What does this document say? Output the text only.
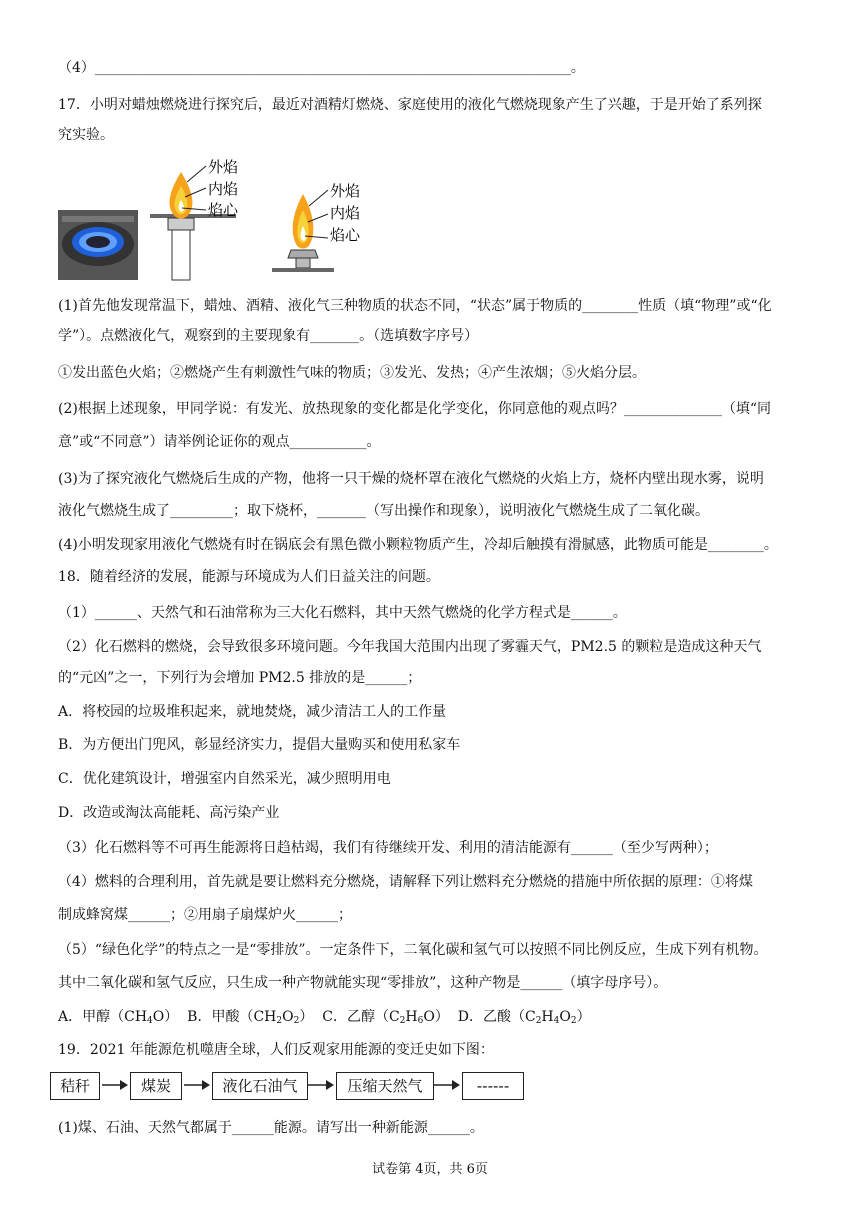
（4）____________________________________________________________________。
17．小明对蜡烛燃烧进行探究后，最近对酒精灯燃烧、家庭使用的液化气燃烧现象产生了兴趣，于是开始了系列探
究实验。
外焰
内焰
焰心
外焰
内焰
焰心
(1)首先他发现常温下，蜡烛、酒精、液化气三种物质的状态不同，“状态”属于物质的________性质（填“物理”或“化
学”）。点燃液化气，观察到的主要现象有_______。（选填数字序号）
①发出蓝色火焰；②燃烧产生有刺激性气味的物质；③发光、发热；④产生浓烟；⑤火焰分层。
(2)根据上述现象，甲同学说：有发光、放热现象的变化都是化学变化，你同意他的观点吗？______________（填“同
意”或“不同意”）请举例论证你的观点___________。
(3)为了探究液化气燃烧后生成的产物，他将一只干燥的烧杯罩在液化气燃烧的火焰上方，烧杯内壁出现水雾，说明
液化气燃烧生成了_________；取下烧杯，_______（写出操作和现象），说明液化气燃烧生成了二氧化碳。
(4)小明发现家用液化气燃烧有时在锅底会有黑色微小颗粒物质产生，冷却后触摸有滑腻感，此物质可能是________。
18．随着经济的发展，能源与环境成为人们日益关注的问题。
（1）______、天然气和石油常称为三大化石燃料，其中天然气燃烧的化学方程式是______。
（2）化石燃料的燃烧，会导致很多环境问题。今年我国大范围内出现了雾霾天气，PM2.5 的颗粒是造成这种天气
的“元凶”之一，下列行为会增加 PM2.5 排放的是______；
A．将校园的垃圾堆积起来，就地焚烧，减少清洁工人的工作量
B．为方便出门兜风，彰显经济实力，提倡大量购买和使用私家车
C．优化建筑设计，增强室内自然采光，减少照明用电
D．改造或淘汰高能耗、高污染产业
（3）化石燃料等不可再生能源将日趋枯竭，我们有待继续开发、利用的清洁能源有______（至少写两种）；
（4）燃料的合理利用，首先就是要让燃料充分燃烧，请解释下列让燃料充分燃烧的措施中所依据的原理：①将煤
制成蜂窝煤______；②用扇子扇煤炉火______；
（5）“绿色化学”的特点之一是“零排放”。一定条件下，二氧化碳和氢气可以按照不同比例反应，生成下列有机物。
其中二氧化碳和氢气反应，只生成一种产物就能实现“零排放”，这种产物是______（填字母序号）。
A．甲醇$(CH_4O)$ B．甲酸$(CH_2O_2)$ C．乙醇$(C_2H_6O)$ D．乙酸$(C_2H_4O_2)$
19．2021 年能源危机噬唐全球，人们反观家用能源的变迁史如下图：
秸秆	煤炭	液化石油气	压缩天然气	------
(1)煤、石油、天然气都属于______能源。请写出一种新能源______。
试卷第 4页，共 6页
